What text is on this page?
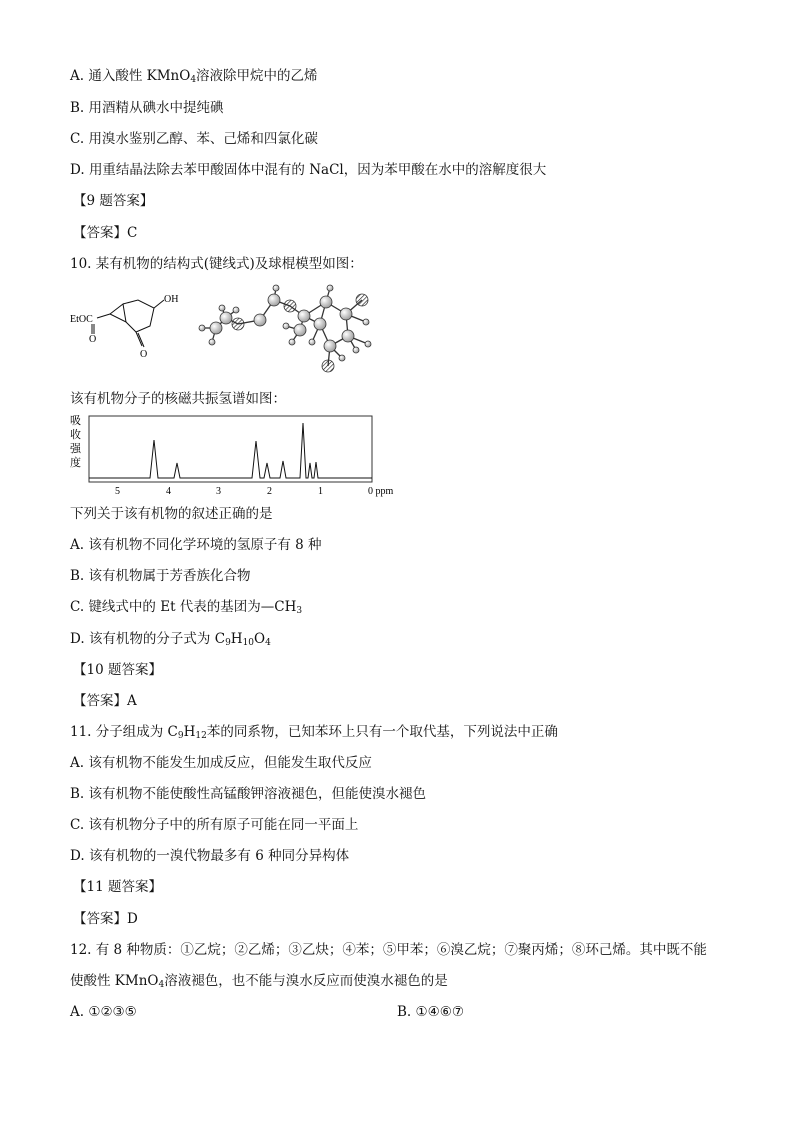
A. 通入酸性 KMnO$_4$溶液除甲烷中的乙烯
B. 用酒精从碘水中提纯碘
C. 用溴水鉴别乙醇、苯、己烯和四氯化碳
D. 用重结晶法除去苯甲酸固体中混有的 NaCl，因为苯甲酸在水中的溶解度很大
【9 题答案】
【答案】C
10. 某有机物的结构式(键线式)及球棍模型如图：
EtOC
O
OH
O
该有机物分子的核磁共振氢谱如图：
吸
收
强
度
5	4	3	2	1	0 ppm
下列关于该有机物的叙述正确的是
A. 该有机物不同化学环境的氢原子有 8 种
B. 该有机物属于芳香族化合物
C. 键线式中的 Et 代表的基团为$—CH_3$
D. 该有机物的分子式为 $C_9H_{10}O_4$
【10 题答案】
【答案】A
11. 分子组成为 $C_9H_{12}$苯的同系物，已知苯环上只有一个取代基，下列说法中正确
A. 该有机物不能发生加成反应，但能发生取代反应
B. 该有机物不能使酸性高锰酸钾溶液褪色，但能使溴水褪色
C. 该有机物分子中的所有原子可能在同一平面上
D. 该有机物的一溴代物最多有 6 种同分异构体
【11 题答案】
【答案】D
12. 有 8 种物质：①乙烷；②乙烯；③乙炔；④苯；⑤甲苯；⑥溴乙烷；⑦聚丙烯；⑧环己烯。其中既不能
使酸性 KMnO$_4$溶液褪色，也不能与溴水反应而使溴水褪色的是
A. ①②③⑤	B. ①④⑥⑦
